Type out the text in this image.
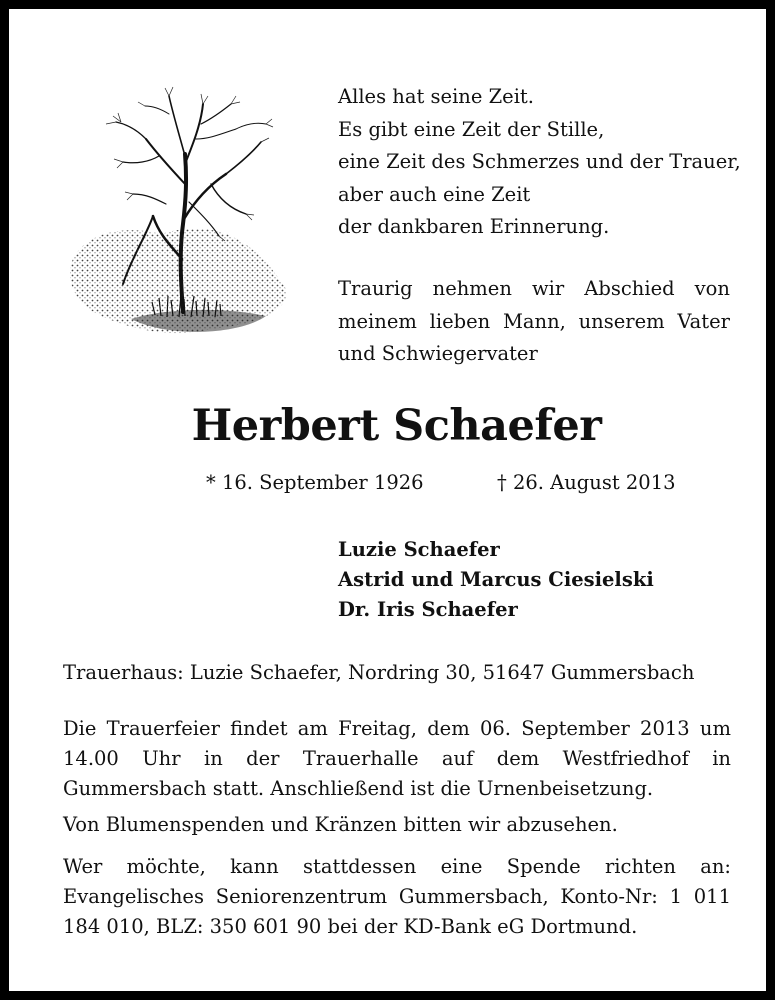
Alles hat seine Zeit.
Es gibt eine Zeit der Stille,
eine Zeit des Schmerzes und der Trauer,
aber auch eine Zeit
der dankbaren Erinnerung.
Traurig nehmen wir Abschied von meinem lieben Mann, unserem Vater und Schwiegervater
Herbert Schaefer
* 16. September 1926	† 26. August 2013
Luzie Schaefer
Astrid und Marcus Ciesielski
Dr. Iris Schaefer
Trauerhaus: Luzie Schaefer, Nordring 30, 51647 Gummersbach
Die Trauerfeier findet am Freitag, dem 06. September 2013 um 14.00 Uhr in der Trauerhalle auf dem Westfriedhof in Gummersbach statt. Anschließend ist die Urnenbeisetzung.
Von Blumenspenden und Kränzen bitten wir abzusehen.
Wer möchte, kann stattdessen eine Spende richten an: Evangelisches Seniorenzentrum Gummersbach, Konto-Nr: 1 011 184 010, BLZ: 350 601 90 bei der KD-Bank eG Dortmund.
